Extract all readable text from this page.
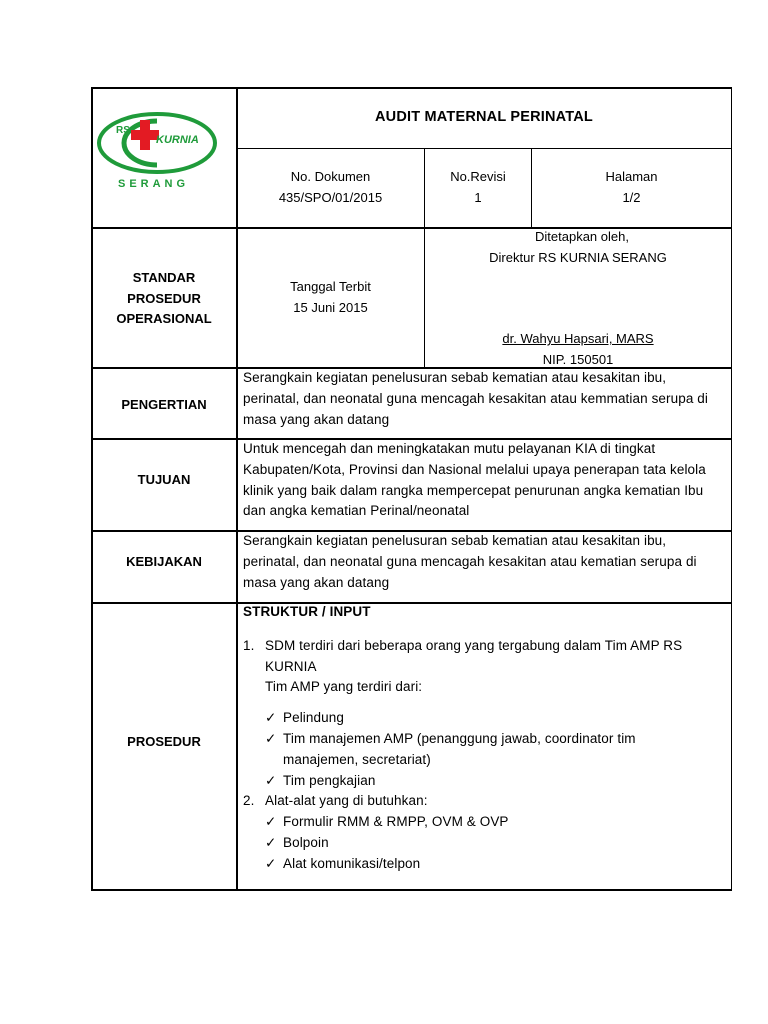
RS
KURNIA
SERANG
AUDIT MATERNAL PERINATAL
No. Dokumen
435/SPO/01/2015
No.Revisi
1
Halaman
1/2
STANDAR
PROSEDUR
OPERASIONAL
Tanggal Terbit
15 Juni 2015
Ditetapkan oleh,
Direktur RS KURNIA SERANG
dr. Wahyu Hapsari, MARS
NIP. 150501
PENGERTIAN
Serangkain kegiatan penelusuran sebab kematian atau kesakitan ibu,
perinatal, dan neonatal guna mencagah kesakitan atau kemmatian serupa di
masa yang akan datang
TUJUAN
Untuk mencegah dan meningkatakan mutu pelayanan KIA di tingkat
Kabupaten/Kota, Provinsi dan Nasional melalui upaya penerapan tata kelola
klinik yang baik dalam rangka mempercepat penurunan angka kematian Ibu
dan angka kematian Perinal/neonatal
KEBIJAKAN
Serangkain kegiatan penelusuran sebab kematian atau kesakitan ibu,
perinatal, dan neonatal guna mencagah kesakitan atau kematian serupa di
masa yang akan datang
PROSEDUR
STRUKTUR / INPUT
1. SDM terdiri dari beberapa orang yang tergabung dalam Tim AMP RS
KURNIA
Tim AMP yang terdiri dari:
✓ Pelindung
✓ Tim manajemen AMP (penanggung jawab, coordinator tim
manajemen, secretariat)
✓ Tim pengkajian
2. Alat-alat yang di butuhkan:
✓ Formulir RMM & RMPP, OVM & OVP
✓ Bolpoin
✓ Alat komunikasi/telpon
